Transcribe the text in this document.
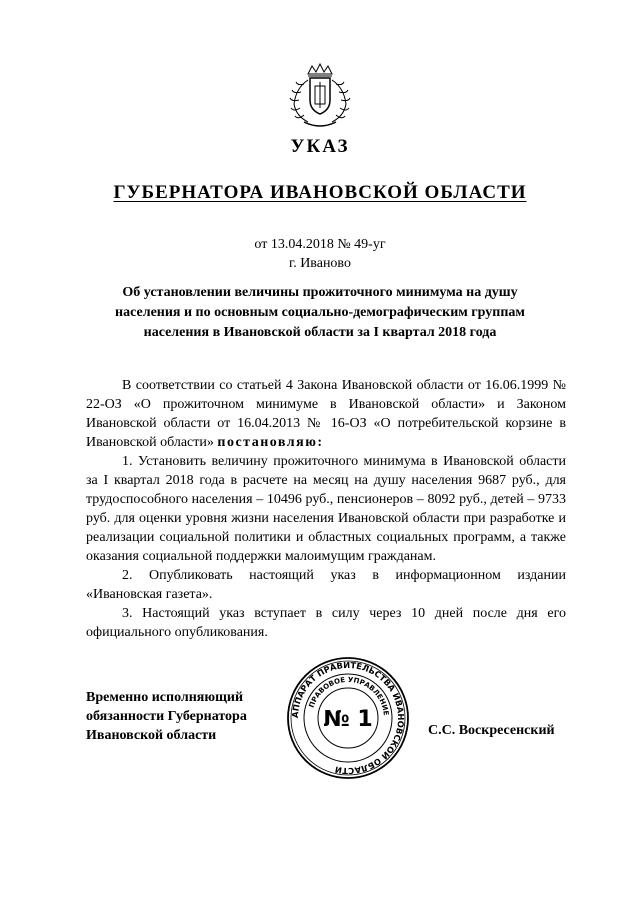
УКАЗ
ГУБЕРНАТОРА ИВАНОВСКОЙ ОБЛАСТИ
от 13.04.2018 № 49-уг
г. Иваново
Об установлении величины прожиточного минимума на душу
населения и по основным социально-демографическим группам
населения в Ивановской области за I квартал 2018 года

В соответствии со статьей 4 Закона Ивановской области от 16.06.1999 № 22-ОЗ «О прожиточном минимуме в Ивановской области» и Законом Ивановской области от 16.04.2013 № 16-ОЗ «О потребительской корзине в Ивановской области» постановляю:

1. Установить величину прожиточного минимума в Ивановской области за I квартал 2018 года в расчете на месяц на душу населения 9687 руб., для трудоспособного населения – 10496 руб., пенсионеров – 8092 руб., детей – 9733 руб. для оценки уровня жизни населения Ивановской области при разработке и реализации социальной политики и областных социальных программ, а также оказания социальной поддержки малоимущим гражданам.

2. Опубликовать настоящий указ в информационном издании «Ивановская газета».

3. Настоящий указ вступает в силу через 10 дней после дня его официального опубликования.

Временно исполняющий
обязанности Губернатора
Ивановской области
АППАРАТ ПРАВИТЕЛЬСТВА ИВАНОВСКОЙ ОБЛАСТИ
ПРАВОВОЕ УПРАВЛЕНИЕ
№ 1	С.С. Воскресенский
